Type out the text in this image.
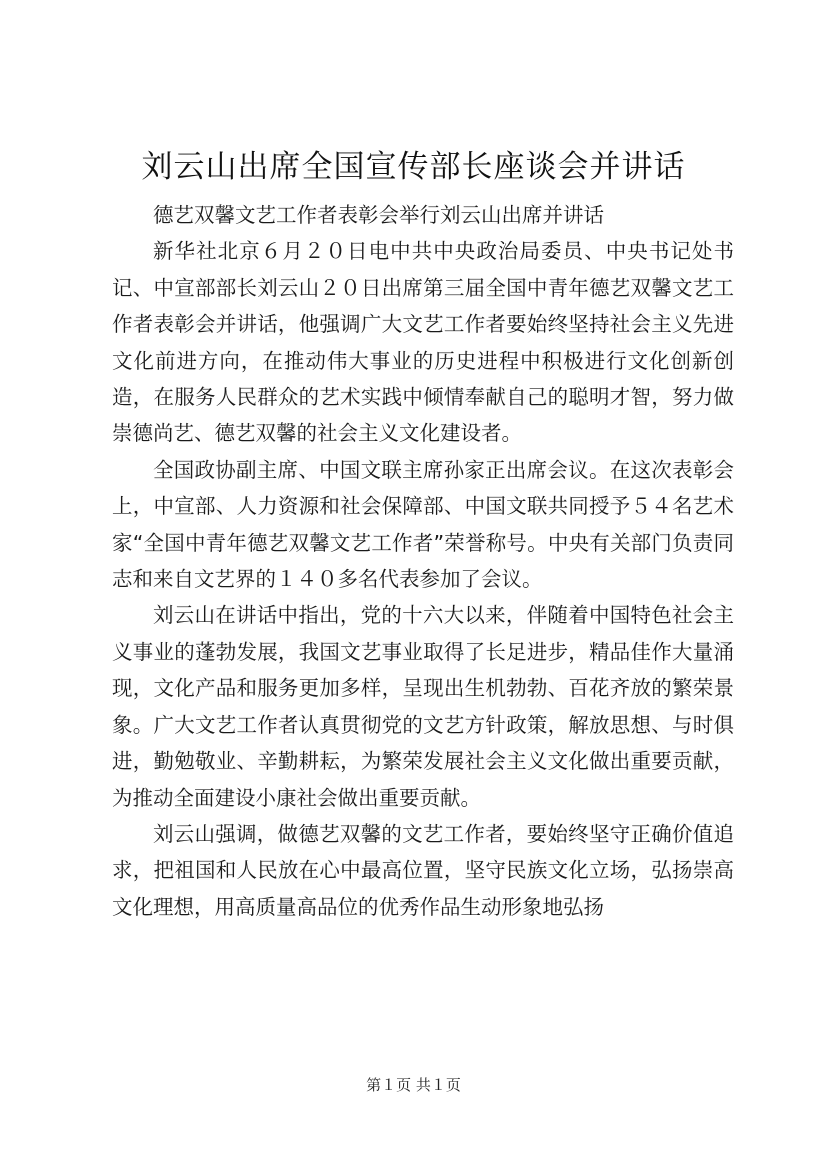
刘云山出席全国宣传部长座谈会并讲话

德艺双馨文艺工作者表彰会举行刘云山出席并讲话

新华社北京６月２０日电中共中央政治局委员、中央书记处书记、中宣部部长刘云山２０日出席第三届全国中青年德艺双馨文艺工作者表彰会并讲话，他强调广大文艺工作者要始终坚持社会主义先进文化前进方向，在推动伟大事业的历史进程中积极进行文化创新创造，在服务人民群众的艺术实践中倾情奉献自己的聪明才智，努力做崇德尚艺、德艺双馨的社会主义文化建设者。

全国政协副主席、中国文联主席孙家正出席会议。在这次表彰会上，中宣部、人力资源和社会保障部、中国文联共同授予５４名艺术家“全国中青年德艺双馨文艺工作者”荣誉称号。中央有关部门负责同志和来自文艺界的１４０多名代表参加了会议。

刘云山在讲话中指出，党的十六大以来，伴随着中国特色社会主义事业的蓬勃发展，我国文艺事业取得了长足进步，精品佳作大量涌现，文化产品和服务更加多样，呈现出生机勃勃、百花齐放的繁荣景象。广大文艺工作者认真贯彻党的文艺方针政策，解放思想、与时俱进，勤勉敬业、辛勤耕耘，为繁荣发展社会主义文化做出重要贡献，为推动全面建设小康社会做出重要贡献。

刘云山强调，做德艺双馨的文艺工作者，要始终坚守正确价值追求，把祖国和人民放在心中最高位置，坚守民族文化立场，弘扬崇高文化理想，用高质量高品位的优秀作品生动形象地弘扬

第１页 共１页
